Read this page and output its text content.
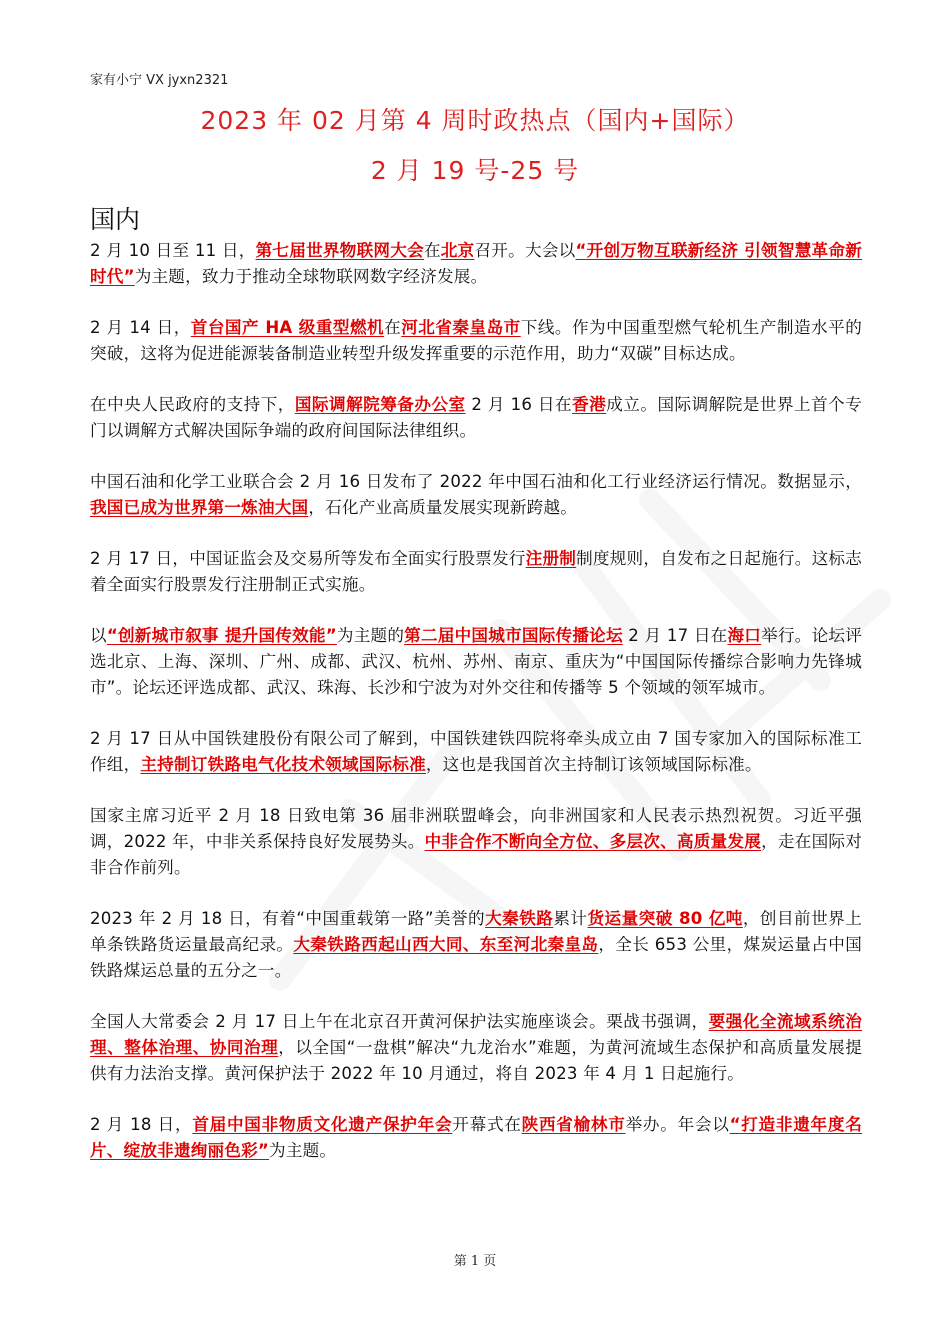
家有小宁 VX jyxn2321
2023 年 02 月第 4 周时政热点（国内+国际）
2 月 19 号-25 号
国内

2 月 10 日至 11 日，第七届世界物联网大会在北京召开。大会以“开创万物互联新经济 引领智慧革命新时代”为主题，致力于推动全球物联网数字经济发展。

2 月 14 日，首台国产 HA 级重型燃机在河北省秦皇岛市下线。作为中国重型燃气轮机生产制造水平的突破，这将为促进能源装备制造业转型升级发挥重要的示范作用，助力“双碳”目标达成。

在中央人民政府的支持下，国际调解院筹备办公室 2 月 16 日在香港成立。国际调解院是世界上首个专门以调解方式解决国际争端的政府间国际法律组织。

中国石油和化学工业联合会 2 月 16 日发布了 2022 年中国石油和化工行业经济运行情况。数据显示，我国已成为世界第一炼油大国，石化产业高质量发展实现新跨越。

2 月 17 日，中国证监会及交易所等发布全面实行股票发行注册制制度规则，自发布之日起施行。这标志着全面实行股票发行注册制正式实施。

以“创新城市叙事 提升国传效能”为主题的第二届中国城市国际传播论坛 2 月 17 日在海口举行。论坛评选北京、上海、深圳、广州、成都、武汉、杭州、苏州、南京、重庆为“中国国际传播综合影响力先锋城市”。论坛还评选成都、武汉、珠海、长沙和宁波为对外交往和传播等 5 个领域的领军城市。

2 月 17 日从中国铁建股份有限公司了解到，中国铁建铁四院将牵头成立由 7 国专家加入的国际标准工作组，主持制订铁路电气化技术领域国际标准，这也是我国首次主持制订该领域国际标准。

国家主席习近平 2 月 18 日致电第 36 届非洲联盟峰会，向非洲国家和人民表示热烈祝贺。习近平强调，2022 年，中非关系保持良好发展势头。中非合作不断向全方位、多层次、高质量发展，走在国际对非合作前列。

2023 年 2 月 18 日，有着“中国重载第一路”美誉的大秦铁路累计货运量突破 80 亿吨，创目前世界上单条铁路货运量最高纪录。大秦铁路西起山西大同、东至河北秦皇岛，全长 653 公里，煤炭运量占中国铁路煤运总量的五分之一。

全国人大常委会 2 月 17 日上午在北京召开黄河保护法实施座谈会。栗战书强调，要强化全流域系统治理、整体治理、协同治理，以全国“一盘棋”解决“九龙治水”难题，为黄河流域生态保护和高质量发展提供有力法治支撑。黄河保护法于 2022 年 10 月通过，将自 2023 年 4 月 1 日起施行。

2 月 18 日，首届中国非物质文化遗产保护年会开幕式在陕西省榆林市举办。年会以“打造非遗年度名片、绽放非遗绚丽色彩”为主题。

第 1 页
